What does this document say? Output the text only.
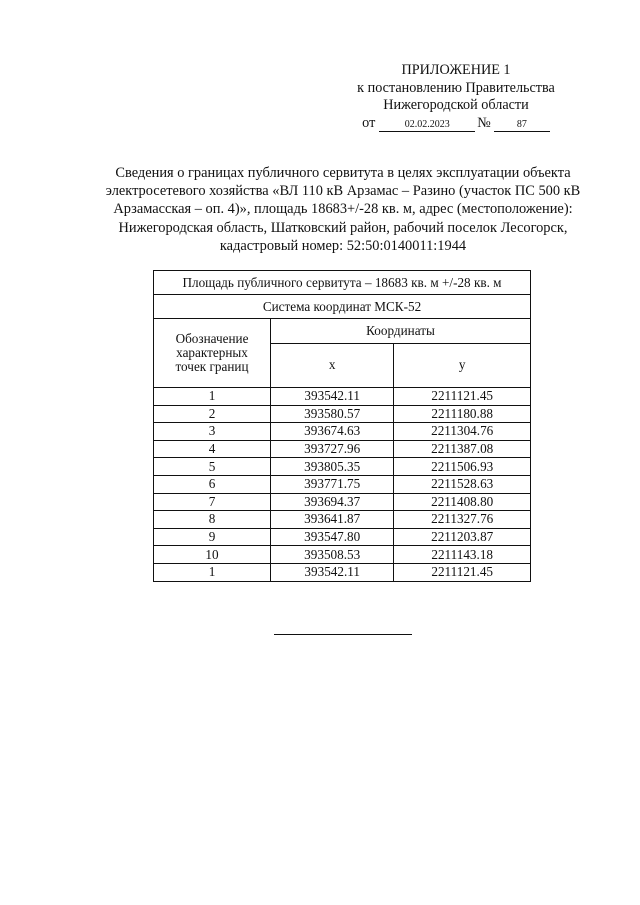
ПРИЛОЖЕНИЕ 1
к постановлению Правительства
Нижегородской области
от	02.02.2023 №	87
Сведения о границах публичного сервитута в целях эксплуатации объекта
электросетевого хозяйства «ВЛ 110 кВ Арзамас – Разино (участок ПС 500 кВ
Арзамасская – оп. 4)», площадь 18683+/-28 кв. м, адрес (местоположение):
Нижегородская область, Шатковский район, рабочий поселок Лесогорск,
кадастровый номер: 52:50:0140011:1944
Площадь публичного сервитута – 18683 кв. м +/-28 кв. м		
Система координат МСК-52		
Обозначение
характерных
точек границ	Координаты	
	x	y
1	393542.11	2211121.45
2	393580.57	2211180.88
3	393674.63	2211304.76
4	393727.96	2211387.08
5	393805.35	2211506.93
6	393771.75	2211528.63
7	393694.37	2211408.80
8	393641.87	2211327.76
9	393547.80	2211203.87
10	393508.53	2211143.18
1	393542.11	2211121.45
